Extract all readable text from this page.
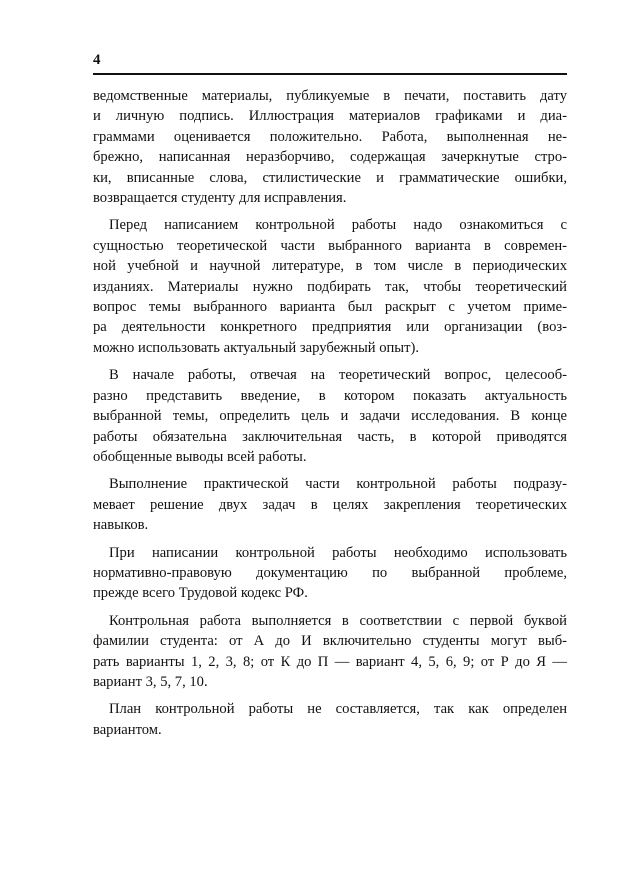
4
ведомственные материалы, публикуемые в печати, поставить дату
и личную подпись. Иллюстрация материалов графиками и диа-
граммами оценивается положительно. Работа, выполненная не-
брежно, написанная неразборчиво, содержащая зачеркнутые стро-
ки, вписанные слова, стилистические и грамматические ошибки,
возвращается студенту для исправления.
Перед написанием контрольной работы надо ознакомиться с
сущностью теоретической части выбранного варианта в современ-
ной учебной и научной литературе, в том числе в периодических
изданиях. Материалы нужно подбирать так, чтобы теоретический
вопрос темы выбранного варианта был раскрыт с учетом приме-
ра деятельности конкретного предприятия или организации (воз-
можно использовать актуальный зарубежный опыт).
В начале работы, отвечая на теоретический вопрос, целесооб-
разно представить введение, в котором показать актуальность
выбранной темы, определить цель и задачи исследования. В конце
работы обязательна заключительная часть, в которой приводятся
обобщенные выводы всей работы.
Выполнение практической части контрольной работы подразу-
мевает решение двух задач в целях закрепления теоретических
навыков.
При написании контрольной работы необходимо использовать
нормативно-правовую документацию по выбранной проблеме,
прежде всего Трудовой кодекс РФ.
Контрольная работа выполняется в соответствии с первой буквой
фамилии студента: от А до И включительно студенты могут выб-
рать варианты 1, 2, 3, 8; от К до П — вариант 4, 5, 6, 9; от Р до Я —
вариант 3, 5, 7, 10.
План контрольной работы не составляется, так как определен
вариантом.
